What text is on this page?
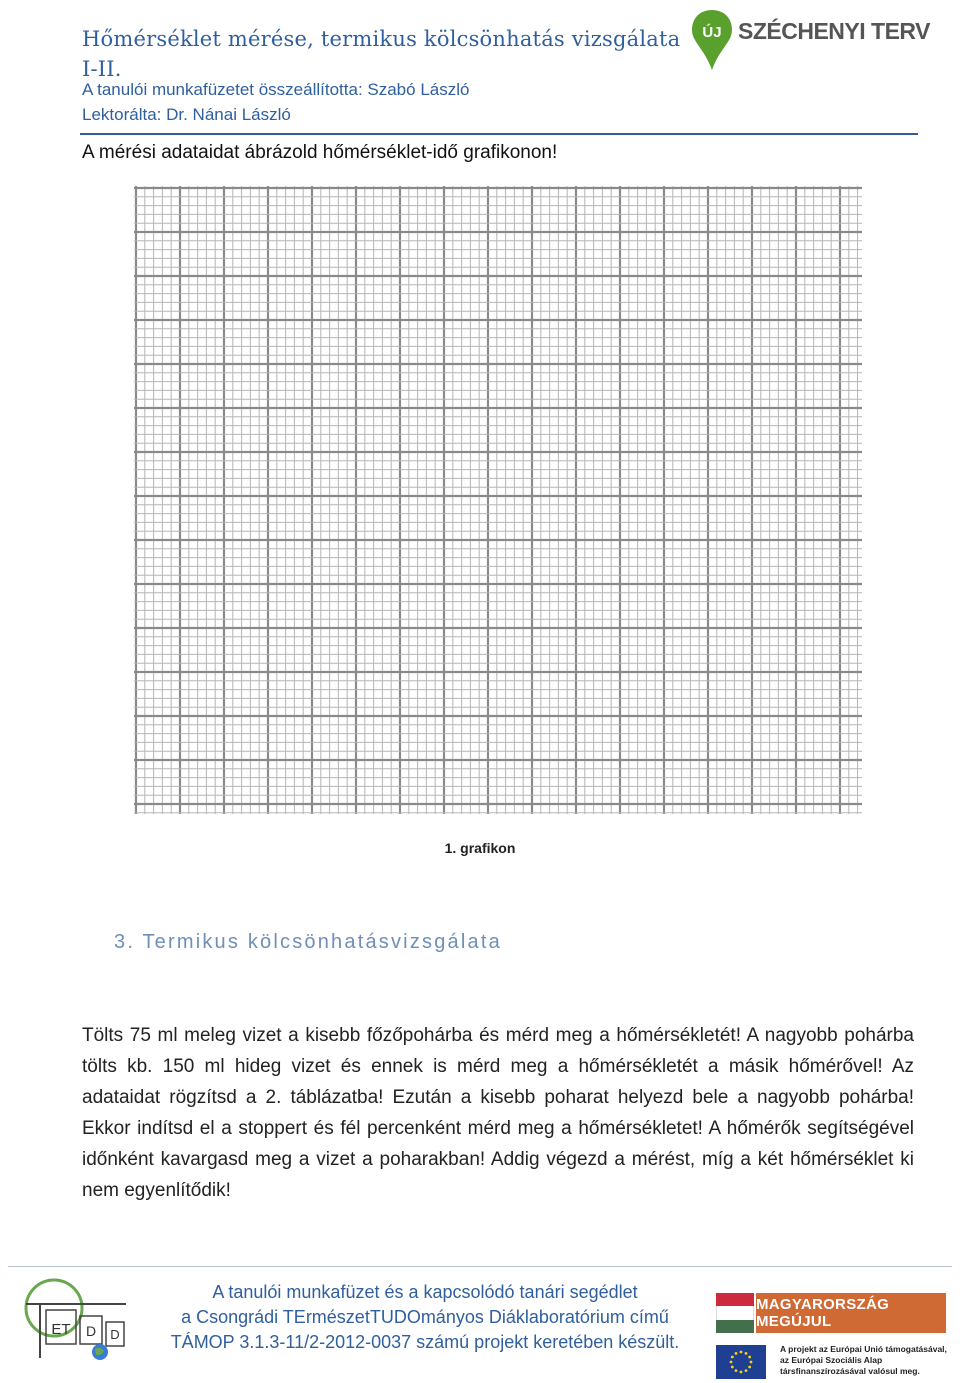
Hőmérséklet mérése, termikus kölcsönhatás vizsgálata I-II.
A tanulói munkafüzetet összeállította: Szabó László
Lektorálta: Dr. Nánai László
ÚJ SZÉCHENYI TERV
A mérési adataidat ábrázold hőmérséklet-idő grafikonon!
1. grafikon
3. Termikus kölcsönhatásvizsgálata
Tölts 75 ml meleg vizet a kisebb főzőpohárba és mérd meg a hőmérsékletét! A nagyobb pohárba tölts kb. 150 ml hideg vizet és ennek is mérd meg a hőmérsékletét a másik hőmérővel! Az adataidat rögzítsd a 2. táblázatba! Ezután a kisebb poharat helyezd bele a nagyobb pohárba! Ekkor indítsd el a stoppert és fél percenként mérd meg a hőmérsékletet! A hőmérők segítségével időnként kavargasd meg a vizet a poharakban! Addig végezd a mérést, míg a két hőmérséklet ki nem egyenlítődik!
ET D D
A tanulói munkafüzet és a kapcsolódó tanári segédlet
a Csongrádi TErmészetTUDOmányos Diáklaboratórium című
TÁMOP 3.1.3-11/2-2012-0037 számú projekt keretében készült.
MAGYARORSZÁG MEGÚJUL
A projekt az Európai Unió támogatásával, az Európai Szociális Alap társfinanszírozásával valósul meg.
